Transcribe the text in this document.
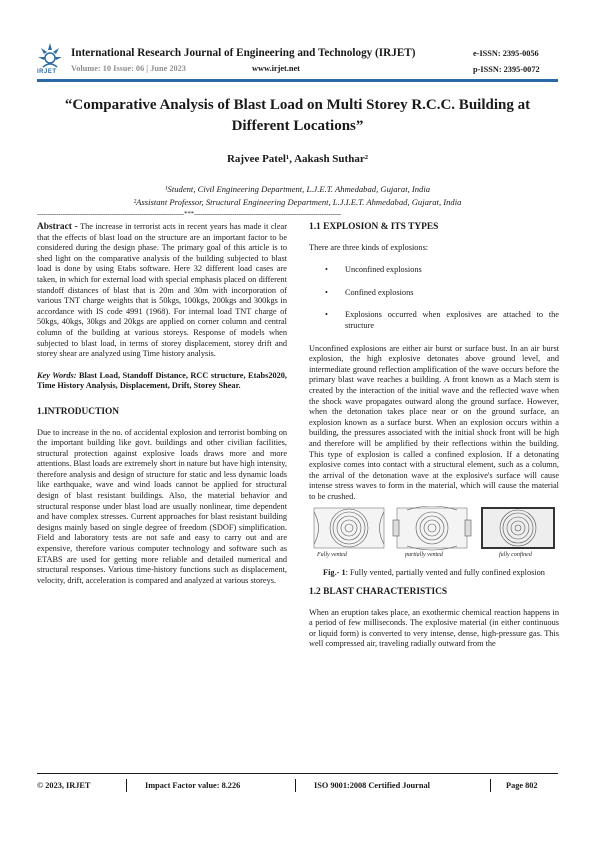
IRJET
International Research Journal of Engineering and Technology (IRJET)
Volume: 10 Issue: 06 | June 2023	www.irjet.net
e-ISSN: 2395-0056
p-ISSN: 2395-0072
“Comparative Analysis of Blast Load on Multi Storey R.C.C. Building at Different Locations”
Rajvee Patel¹, Aakash Suthar²
¹Student, Civil Engineering Department, L.J.E.T. Ahmedabad, Gujarat, India
²Assistant Professor, Structural Engineering Department, L.J.I.E.T. Ahmedabad, Gujarat, India
---------------------------------------------------------------------***---------------------------------------------------------------------

Abstract - The increase in terrorist acts in recent years has made it clear that the effects of blast load on the structure are an important factor to be considered during the design phase. The primary goal of this article is to shed light on the comparative analysis of the building subjected to blast load is done by using Etabs software. Here 32 different load cases are taken, in which for external load with special emphasis placed on different standoff distances of blast that is 20m and 30m with incorporation of various TNT charge weights that is 50kgs, 100kgs, 200kgs and 300kgs in accordance with IS code 4991 (1968). For internal load TNT charge of 50kgs, 40kgs, 30kgs and 20kgs are applied on corner column and central column of the building at various storeys. Response of models when subjected to blast load, in terms of storey displacement, storey drift and storey shear are analyzed using Time history analysis.

Key Words: Blast Load, Standoff Distance, RCC structure, Etabs2020, Time History Analysis, Displacement, Drift, Storey Shear.

1.INTRODUCTION

Due to increase in the no. of accidental explosion and terrorist bombing on the important building like govt. buildings and other civilian facilities, structural protection against explosive loads draws more and more attentions. Blast loads are extremely short in nature but have high intensity, therefore analysis and design of structure for static and less dynamic loads like earthquake, wave and wind loads cannot be applied for structural design of blast resistant buildings. Also, the material behavior and structural response under blast load are usually nonlinear, time dependent and have complex stresses. Current approaches for blast resistant building designs mainly based on single degree of freedom (SDOF) simplification. Field and laboratory tests are not safe and easy to carry out and are expensive, therefore various computer technology and software such as ETABS are used for getting more reliable and detailed numerical and structural responses. Various time-history functions such as displacement, velocity, drift, acceleration is compared and analyzed at various storeys.

1.1 EXPLOSION & ITS TYPES

There are three kinds of explosions:

• Unconfined explosions
• Confined explosions
• Explosions occurred when explosives are attached to the structure

Unconfined explosions are either air burst or surface bust. In an air burst explosion, the high explosive detonates above ground level, and intermediate ground reflection amplification of the wave occurs before the primary blast wave reaches a building. A front known as a Mach stem is created by the interaction of the initial wave and the reflected wave when the shock wave propagates outward along the ground surface. However, when the detonation takes place near or on the ground surface, an explosion known as a surface burst. When an explosion occurs within a building, the pressures associated with the initial shock front will be high and therefore will be amplified by their reflections within the building. This type of explosion is called a confined explosion. If a detonating explosive comes into contact with a structural element, such as a column, the arrival of the detonation wave at the explosive's surface will cause intense stress waves to form in the material, which will cause the material to be crushed.

Fully vented	partially vented	fully confined

Fig.- 1: Fully vented, partially vented and fully confined explosion

1.2 BLAST CHARACTERISTICS

When an eruption takes place, an exothermic chemical reaction happens in a period of few milliseconds. The explosive material (in either continuous or liquid form) is converted to very intense, dense, high-pressure gas. This well compressed air, traveling radially outward from the

© 2023, IRJET	Impact Factor value: 8.226	ISO 9001:2008 Certified Journal	Page 802
